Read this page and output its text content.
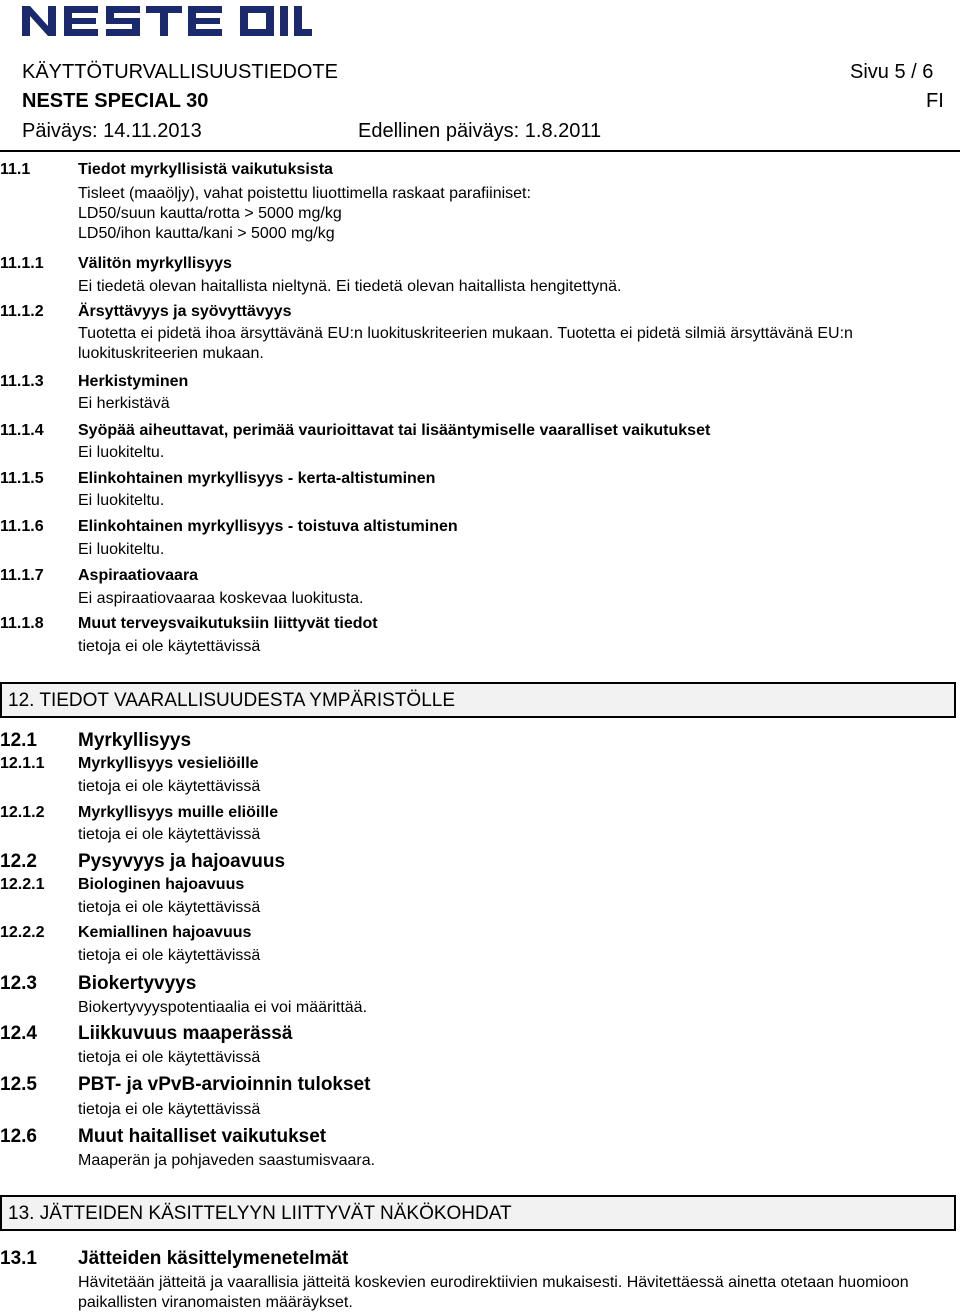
KÄYTTÖTURVALLISUUSTIEDOTE	Sivu 5 / 6
NESTE SPECIAL 30	FI
Päiväys: 14.11.2013	Edellinen päiväys: 1.8.2011
11.1	Tiedot myrkyllisistä vaikutuksista
Tisleet (maaöljy), vahat poistettu liuottimella raskaat parafiiniset:
LD50/suun kautta/rotta > 5000 mg/kg
LD50/ihon kautta/kani > 5000 mg/kg
11.1.1 Välitön myrkyllisyys
Ei tiedetä olevan haitallista nieltynä. Ei tiedetä olevan haitallista hengitettynä.
11.1.2 Ärsyttävyys ja syövyttävyys
Tuotetta ei pidetä ihoa ärsyttävänä EU:n luokituskriteerien mukaan. Tuotetta ei pidetä silmiä ärsyttävänä EU:n luokituskriteerien mukaan.
11.1.3 Herkistyminen
Ei herkistävä
11.1.4 Syöpää aiheuttavat, perimää vaurioittavat tai lisääntymiselle vaaralliset vaikutukset
Ei luokiteltu.
11.1.5 Elinkohtainen myrkyllisyys - kerta-altistuminen
Ei luokiteltu.
11.1.6 Elinkohtainen myrkyllisyys - toistuva altistuminen
Ei luokiteltu.
11.1.7 Aspiraatiovaara
Ei aspiraatiovaaraa koskevaa luokitusta.
11.1.8 Muut terveysvaikutuksiin liittyvät tiedot
tietoja ei ole käytettävissä
12. TIEDOT VAARALLISUUDESTA YMPÄRISTÖLLE
12.1 Myrkyllisyys
12.1.1 Myrkyllisyys vesieliöille
tietoja ei ole käytettävissä
12.1.2 Myrkyllisyys muille eliöille
tietoja ei ole käytettävissä
12.2 Pysyvyys ja hajoavuus
12.2.1 Biologinen hajoavuus
tietoja ei ole käytettävissä
12.2.2 Kemiallinen hajoavuus
tietoja ei ole käytettävissä
12.3 Biokertyvyys
Biokertyvyyspotentiaalia ei voi määrittää.
12.4 Liikkuvuus maaperässä
tietoja ei ole käytettävissä
12.5 PBT- ja vPvB-arvioinnin tulokset
tietoja ei ole käytettävissä
12.6 Muut haitalliset vaikutukset
Maaperän ja pohjaveden saastumisvaara.
13. JÄTTEIDEN KÄSITTELYYN LIITTYVÄT NÄKÖKOHDAT
13.1 Jätteiden käsittelymenetelmät
Hävitetään jätteitä ja vaarallisia jätteitä koskevien eurodirektiivien mukaisesti. Hävitettäessä ainetta otetaan huomioon paikallisten viranomaisten määräykset.
